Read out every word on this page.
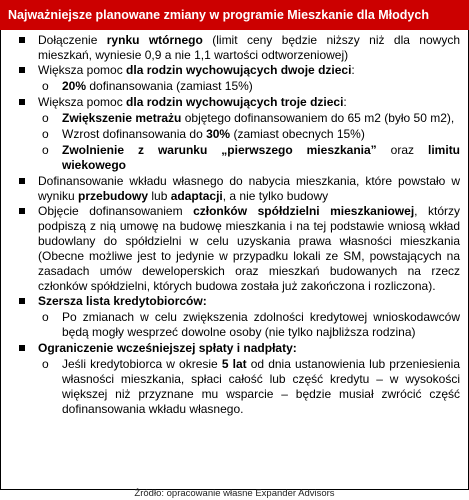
Najważniejsze planowane zmiany w programie Mieszkanie dla Młodych
Dołączenie rynku wtórnego (limit ceny będzie niższy niż dla nowych mieszkań, wyniesie 0,9 a nie 1,1 wartości odtworzeniowej)
Większa pomoc dla rodzin wychowujących dwoje dzieci:
o 20% dofinansowania (zamiast 15%)
Większa pomoc dla rodzin wychowujących troje dzieci:
o Zwiększenie metrażu objętego dofinansowaniem do 65 m2 (było 50 m2),
o Wzrost dofinansowania do 30% (zamiast obecnych 15%)
o Zwolnienie z warunku „pierwszego mieszkania” oraz limitu wiekowego
Dofinansowanie wkładu własnego do nabycia mieszkania, które powstało w wyniku przebudowy lub adaptacji, a nie tylko budowy
Objęcie dofinansowaniem członków spółdzielni mieszkaniowej, którzy podpiszą z nią umowę na budowę mieszkania i na tej podstawie wniosą wkład budowlany do spółdzielni w celu uzyskania prawa własności mieszkania (Obecne możliwe jest to jedynie w przypadku lokali ze SM, powstających na zasadach umów deweloperskich oraz mieszkań budowanych na rzecz członków spółdzielni, których budowa została już zakończona i rozliczona).
Szersza lista kredytobiorców:
o Po zmianach w celu zwiększenia zdolności kredytowej wnioskodawców będą mogły wesprzeć dowolne osoby (nie tylko najbliższa rodzina)
Ograniczenie wcześniejszej spłaty i nadpłaty:
o Jeśli kredytobiorca w okresie 5 lat od dnia ustanowienia lub przeniesienia własności mieszkania, spłaci całość lub część kredytu – w wysokości większej niż przyznane mu wsparcie – będzie musiał zwrócić część dofinansowania wkładu własnego.
Źródło: opracowanie własne Expander Advisors
